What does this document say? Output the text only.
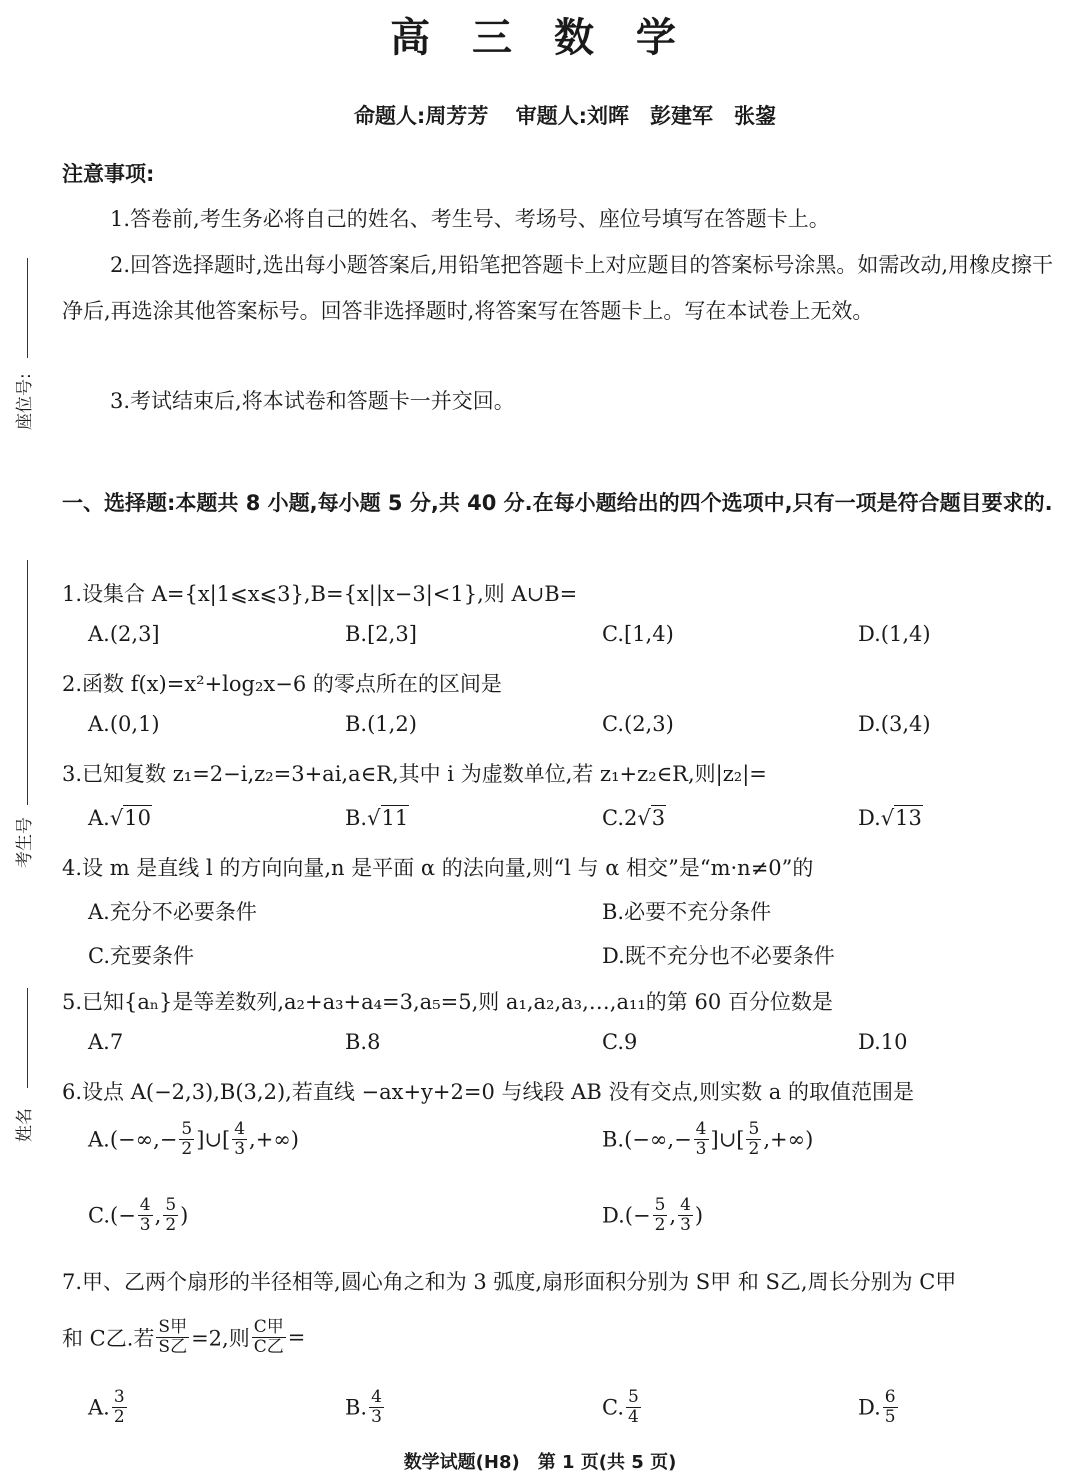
座位号:
考生号
姓名
高 三 数 学
命题人:周芳芳 审题人:刘晖　彭建军　张鋆
注意事项:
1.答卷前,考生务必将自己的姓名、考生号、考场号、座位号填写在答题卡上。
2.回答选择题时,选出每小题答案后,用铅笔把答题卡上对应题目的答案标号涂黑。如需改动,用橡皮擦干净后,再选涂其他答案标号。回答非选择题时,将答案写在答题卡上。写在本试卷上无效。
3.考试结束后,将本试卷和答题卡一并交回。
一、选择题:本题共 8 小题,每小题 5 分,共 40 分.在每小题给出的四个选项中,只有一项是符合题目要求的.
1.设集合 A={x|1⩽x⩽3},B={x||x−3|<1},则 A∪B=
A.(2,3]	B.[2,3]	C.[1,4)	D.(1,4)
2.函数 f(x)=x²+log₂x−6 的零点所在的区间是
A.(0,1)	B.(1,2)	C.(2,3)	D.(3,4)
3.已知复数 z₁=2−i,z₂=3+ai,a∈R,其中 i 为虚数单位,若 z₁+z₂∈R,则|z₂|=
A.√10	B.√11	C.2√3	D.√13
4.设 m 是直线 l 的方向向量,n 是平面 α 的法向量,则“l 与 α 相交”是“m·n≠0”的
A.充分不必要条件	B.必要不充分条件
C.充要条件	D.既不充分也不必要条件
5.已知{aₙ}是等差数列,a₂+a₃+a₄=3,a₅=5,则 a₁,a₂,a₃,…,a₁₁的第 60 百分位数是
A.7	B.8	C.9	D.10
6.设点 A(−2,3),B(3,2),若直线 −ax+y+2=0 与线段 AB 没有交点,则实数 a 的取值范围是
$A.(-\infty,- \frac{5}{2}$ ]∪[ $\frac{4}{3}$ ,+∞)	$B.(-\infty,- \frac{4}{3}$ ]∪[ $\frac{5}{2}$ ,+∞)
$C.(- \frac{4}{3}$ , $\frac{5}{2}$ )	$D.(- \frac{5}{2}$ , $\frac{4}{3}$ )
7.甲、乙两个扇形的半径相等,圆心角之和为 3 弧度,扇形面积分别为 S甲 和 S乙,周长分别为 C甲
和 C乙.若 $\frac{\text{S甲}}{\text{S乙}} =2$,则 $\frac{\text{C甲}}{\text{C乙}}$ =
A. $\frac{3}{2}$	B. $\frac{4}{3}$	C. $\frac{5}{4}$	D. $\frac{6}{5}$
数学试题(H8)　第 1 页(共 5 页)
